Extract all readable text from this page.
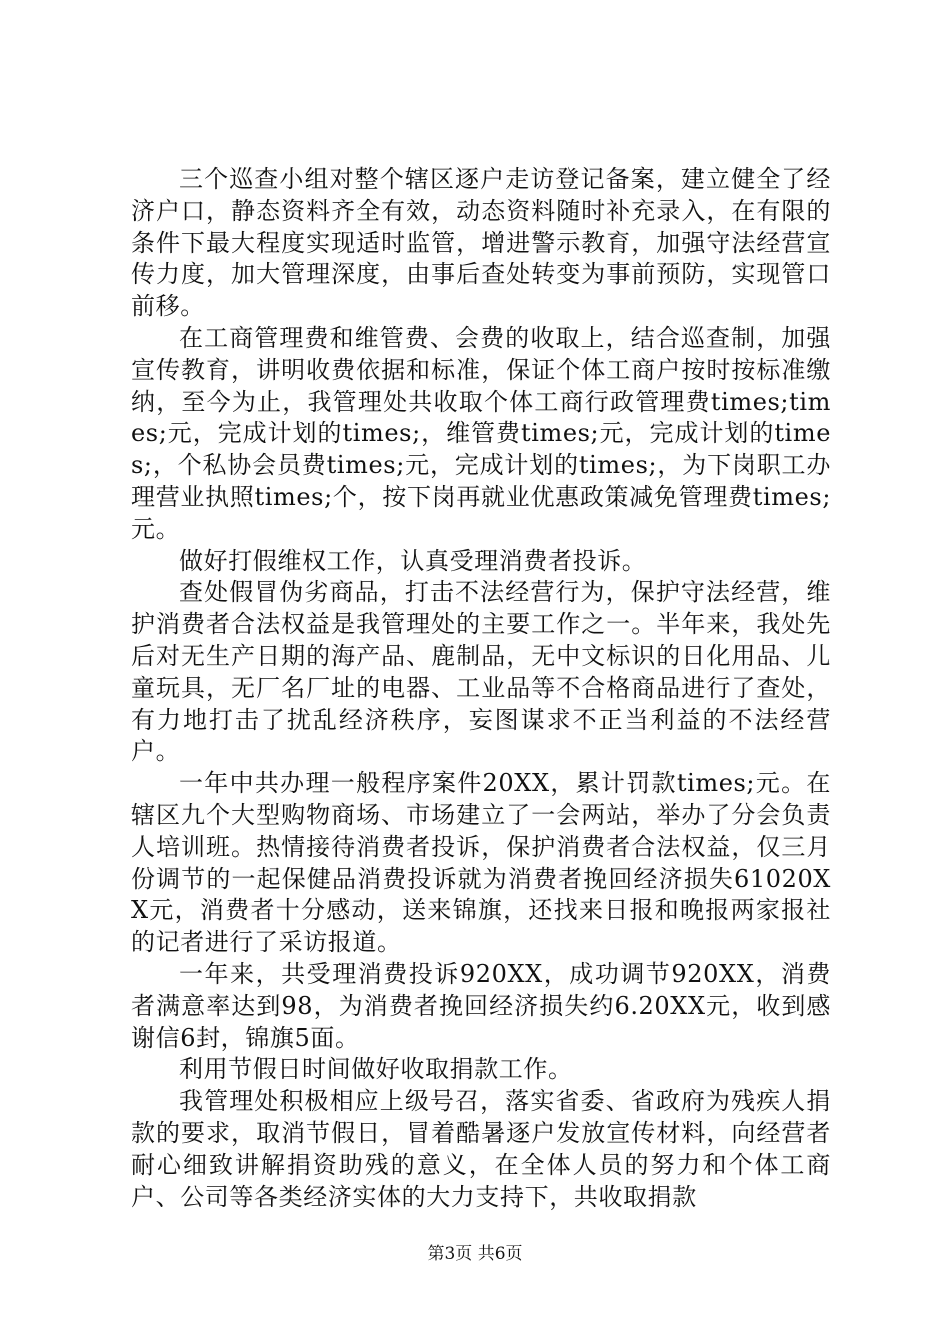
三个巡查小组对整个辖区逐户走访登记备案，建立健全了经济户口，静态资料齐全有效，动态资料随时补充录入，在有限的条件下最大程度实现适时监管，增进警示教育，加强守法经营宣传力度，加大管理深度，由事后查处转变为事前预防，实现管口前移。

在工商管理费和维管费、会费的收取上，结合巡查制，加强宣传教育，讲明收费依据和标准，保证个体工商户按时按标准缴纳，至今为止，我管理处共收取个体工商行政管理费times;times;元，完成计划的times;，维管费times;元，完成计划的times;，个私协会员费times;元，完成计划的times;，为下岗职工办理营业执照times;个，按下岗再就业优惠政策减免管理费times;元。

做好打假维权工作，认真受理消费者投诉。

查处假冒伪劣商品，打击不法经营行为，保护守法经营，维护消费者合法权益是我管理处的主要工作之一。半年来，我处先后对无生产日期的海产品、鹿制品，无中文标识的日化用品、儿童玩具，无厂名厂址的电器、工业品等不合格商品进行了查处，有力地打击了扰乱经济秩序，妄图谋求不正当利益的不法经营户。

一年中共办理一般程序案件20XX，累计罚款times;元。在辖区九个大型购物商场、市场建立了一会两站，举办了分会负责人培训班。热情接待消费者投诉，保护消费者合法权益，仅三月份调节的一起保健品消费投诉就为消费者挽回经济损失61020XX元，消费者十分感动，送来锦旗，还找来日报和晚报两家报社的记者进行了采访报道。

一年来，共受理消费投诉920XX，成功调节920XX，消费者满意率达到98，为消费者挽回经济损失约6.20XX元，收到感谢信6封，锦旗5面。

利用节假日时间做好收取捐款工作。

我管理处积极相应上级号召，落实省委、省政府为残疾人捐款的要求，取消节假日，冒着酷暑逐户发放宣传材料，向经营者耐心细致讲解捐资助残的意义，在全体人员的努力和个体工商户、公司等各类经济实体的大力支持下，共收取捐款

第3页 共6页
